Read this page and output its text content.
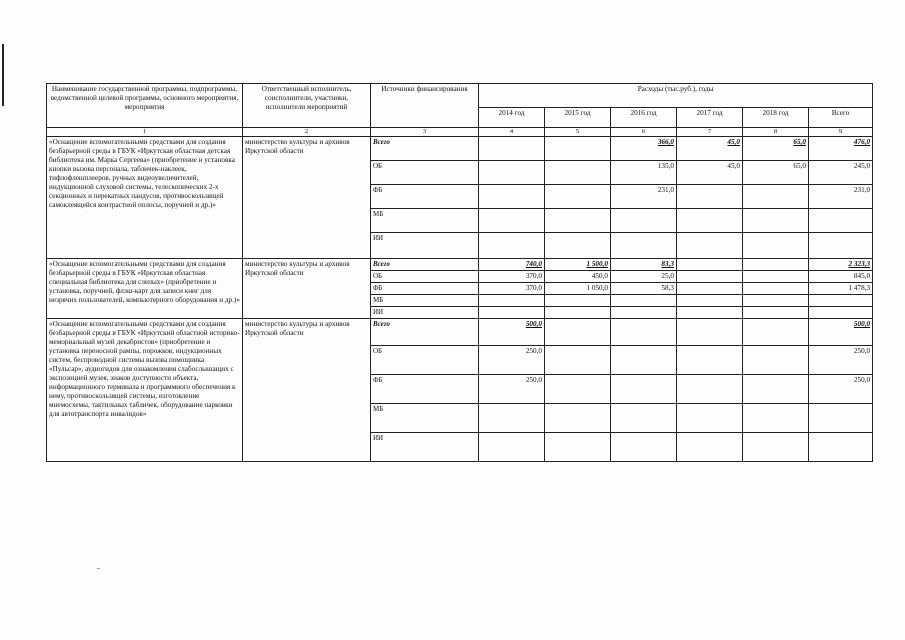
Наименование государственной программы, подпрограммы, ведомственной целевой программы, основного мероприятия, мероприятия	Ответственный исполнитель, соисполнители, участники, исполнители мероприятий	Источники финансирования	Расходы (тыс.руб.), годы					
			2014 год	2015 год	2016 год	2017 год	2018 год	Всего
1	2	3	4	5	6	7	8	9
«Оснащение вспомогательными средствами для создания безбарьерной среды в ГБУК «Иркутская областная детская библиотека им. Марка Сергеева» (приобретение и установка кнопки вызова персонала, табличек-наклеек, тифлофлешплееров, ручных видеоувеличителей, индукционной слуховой системы, телескопических 2-х секционных и перекатных пандусов, противоскользящей самоклеящейся контрастной полосы, поручней и др.)»	министерство культуры и архивов Иркутской области	Всего			366,0	45,0	65,0	476,0
		ОБ			135,0	45,0	65,0	245,0
		ФБ			231,0			231,0
		МБ						
		ИИ						
«Оснащение вспомогательными средствами для создания безбарьерной среды в ГБУК «Иркутская областная специальная библиотека для слепых» (приобретение и установка, поручней, флэш-карт для записи книг для незрячих пользователей, компьютерного оборудования и др.)»	министерство культуры и архивов Иркутской области	Всего	740,0	1 500,0	83,3			2 323,3
		ОБ	370,0	450,0	25,0			845,0
		ФБ	370,0	1 050,0	58,3			1 478,3
		МБ						
		ИИ						
«Оснащение вспомогательными средствами для создания безбарьерной среды в ГБУК «Иркутский областной историко-мемориальный музей декабристов» (приобретение и установка переносной рампы, порожков, индукционных систем, беспроводной системы вызова помощника «Пульсар», аудиогидов для ознакомления слабослышащих с экспозицией музея, знаков доступности объекта, информационного терминала и программного обеспечения к нему, противоскользящей системы, изготовление мнемосхемы, тактильных табличек, оборудование парковки для автотранспорта инвалидов»	министерство культуры и архивов Иркутской области	Всего	500,0					500,0
		ОБ	250,0					250,0
		ФБ	250,0					250,0
		МБ						
		ИИ						
